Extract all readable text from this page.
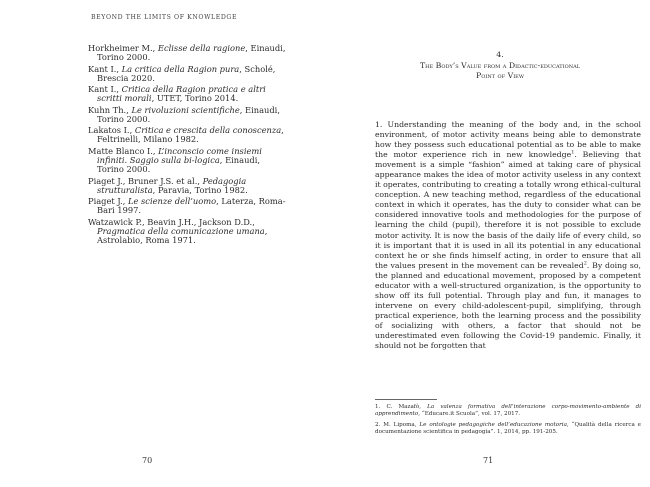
BEYOND THE LIMITS OF KNOWLEDGE

Horkheimer M., Eclisse della ragione, Einaudi, Torino 2000.

Kant I., La critica della Ragion pura, Scholé, Brescia 2020.

Kant I., Critica della Ragion pratica e altri scritti morali, UTET, Torino 2014.

Kuhn Th., Le rivoluzioni scientifiche, Einaudi, Torino 2000.

Lakatos I., Critica e crescita della conoscenza, Feltrinelli, Milano 1982.

Matte Blanco I., L’inconscio come insiemi infiniti. Saggio sulla bi-logica, Einaudi, Torino 2000.

Piaget J., Bruner J.S. et al., Pedagogia strutturalista, Paravia, Torino 1982.

Piaget J., Le scienze dell’uomo, Laterza, Roma-Bari 1997.

Watzawick P., Beavin J.H., Jackson D.D., Pragmatica della comunicazione umana, Astrolabio, Roma 1971.

70
4.
The Body’s Value from a Didactic-educational
Point of View

1. Understanding the meaning of the body and, in the school environment, of motor activity means being able to demonstrate how they possess such educational potential as to be able to make the motor experience rich in new knowledge$^1$. Believing that movement is a simple “fashion” aimed at taking care of physical appearance makes the idea of motor activity useless in any context it operates, contributing to creating a totally wrong ethical-cultural conception. A new teaching method, regardless of the educational context in which it operates, has the duty to consider what can be considered innovative tools and methodologies for the purpose of learning the child (pupil), therefore it is not possible to exclude motor activity. It is now the basis of the daily life of every child, so it is important that it is used in all its potential in any educational context he or she finds himself acting, in order to ensure that all the values present in the movement can be revealed$^2$. By doing so, the planned and educational movement, proposed by a competent educator with a well-structured organization, is the opportunity to show off its full potential. Through play and fun, it manages to intervene on every child-adolescent-pupil, simplifying, through practical experience, both the learning process and the possibility of socializing with others, a factor that should not be underestimated even following the Covid-19 pandemic. Finally, it should not be forgotten that

1. C. Mazafò, La valenza formativa dell’interazione corpo-movimento-ambiente di apprendimento, “Educare.it Scuola”, vol. 17, 2017.

2. M. Lipoma, Le ontologie pedagogiche dell’educazione motoria, “Qualità della ricerca e documentazione scientifica in pedagogia”. 1, 2014, pp. 191-205.

71
